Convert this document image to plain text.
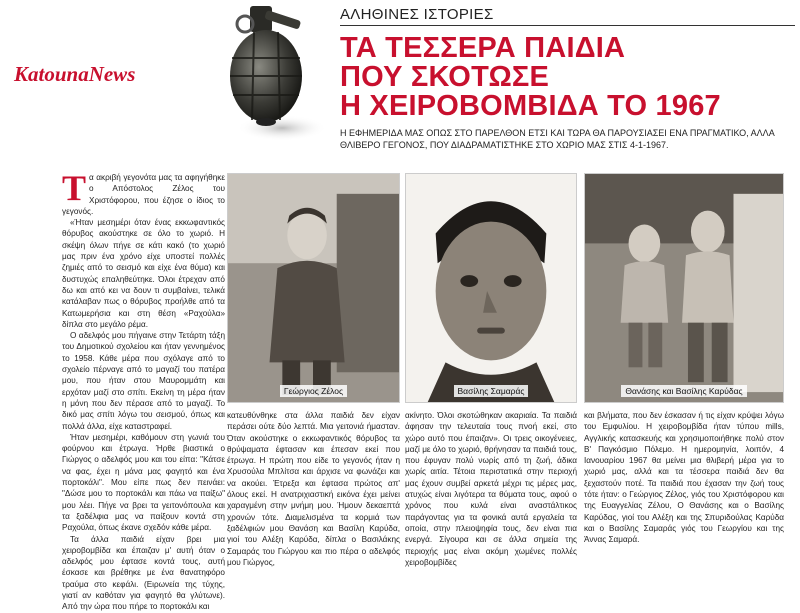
KatounaNews
ΑΛΗΘΙΝΕΣ ΙΣΤΟΡΙΕΣ
ΤΑ ΤΕΣΣΕΡΑ ΠΑΙΔΙΑ
ΠΟΥ ΣΚΟΤΩΣΕ
Η ΧΕΙΡΟΒΟΜΒΙΔΑ ΤΟ 1967
Η ΕΦΗΜΕΡΙΔΑ ΜΑΣ ΟΠΩΣ ΣΤΟ ΠΑΡΕΛΘΟΝ ΕΤΣΙ ΚΑΙ ΤΩΡΑ ΘΑ ΠΑΡΟΥΣΙΑΣΕΙ ΕΝΑ ΠΡΑΓΜΑΤΙΚΟ, ΑΛΛΑ ΘΛΙΒΕΡΟ ΓΕΓΟΝΟΣ, ΠΟΥ ΔΙΑΔΡΑΜΑΤΙΣΤΗΚΕ ΣΤΟ ΧΩΡΙΟ ΜΑΣ ΣΤΙΣ 4-1-1967.

Τα ακριβή γεγονότα μας τα αφηγήθηκε ο Απόστολος Ζέλος του Χριστόφορου, που έζησε ο ίδιος το γεγονός.

«Ήταν μεσημέρι όταν ένας εκκωφαντικός θόρυβος ακούστηκε σε όλο το χωριό. Η σκέψη όλων πήγε σε κάτι κακό (το χωριό μας πριν ένα χρόνο είχε υποστεί πολλές ζημιές από το σεισμό και είχε ένα θύμα) και δυστυχώς επαληθεύτηκε. Όλοι έτρεχαν από δω και από κει να δουν τι συμβαίνει, τελικά κατάλαβαν πως ο θόρυβος προήλθε από τα Κατωμερήσια και στη θέση «Ραχούλα» δίπλα στο μεγάλο ρέμα.

Ο αδελφός μου πήγαινε στην Τετάρτη τάξη του Δημοτικού σχολείου και ήταν γεννημένος το 1958. Κάθε μέρα που σχόλαγε από το σχολείο πέρναγε από το μαγαζί του πατέρα μου, που ήταν στου Μαυρομμάτη και ερχόταν μαζί στο σπίτι. Εκείνη τη μέρα ήταν η μόνη που δεν πέρασε από το μαγαζί. Το δικό μας σπίτι λόγω του σεισμού, όπως και πολλά άλλα, είχε καταστραφεί.

Ήταν μεσημέρι, καθόμουν στη γωνιά του φούρνου και έτρωγα. Ήρθε βιαστικά ο Γιώργος ο αδελφός μου και του είπα: "Κάτσε να φας, έχει η μάνα μας φαγητό και ένα πορτοκάλι". Μου είπε πως δεν πεινάει: "Δώσε μου το πορτοκάλι και πάω να παίξω" μου λέει. Πήγε να βρει τα γειτονόπουλα και τα ξαδέλφια μας να παίξουν κοντά στη Ραχούλα, όπως έκανε σχεδόν κάθε μέρα.

Τα άλλα παιδιά είχαν βρει μια χειροβομβίδα και έπαιζαν μ' αυτή όταν ο αδελφός μου έφτασε κοντά τους, αυτή έσκασε και βρέθηκε με ένα θανατηφόρο τραύμα στο κεφάλι. (Ειρωνεία της τύχης, γιατί αν καθόταν για φαγητό θα γλύτωνε). Από την ώρα που πήρε το πορτοκάλι και

Γεώργιος Ζέλος	Βασίλης Σαμαράς	Θανάσης και Βασίλης Καρύδας

κατευθύνθηκε στα άλλα παιδιά δεν είχαν περάσει ούτε δύο λεπτά. Μια γειτονιά ήμασταν. Όταν ακούστηκε ο εκκωφαντικός θόρυβος τα θρύψαματα έφτασαν και έπεσαν εκεί που έτρωγα. Η πρώτη που είδε το γεγονός ήταν η Χρυσούλα Μπλίτσα και άρχισε να φωνάζει και να ακούει. Έτρεξα και έφτασα πρώτος απ' όλους εκεί. Η ανατριχιαστική εικόνα έχει μείνει χαραγμένη στην μνήμη μου. Ήμουν δεκαεπτά χρονών τότε. Διαμελισμένα τα κορμιά των ξαδέλφιών μου Θανάση και Βασίλη Καρύδα, γιοί του Αλέξη Καρύδα, δίπλα ο Βασιλάκης Σαμαράς του Γιώργου και πιο πέρα ο αδελφός μου Γιώργος,

ακίνητο. Όλοι σκοτώθηκαν ακαριαία. Τα παιδιά άφησαν την τελευταία τους πνοή εκεί, στο χώρο αυτό που έπαιζαν». Οι τρεις οικογένειες, μαζί με όλο το χωριό, θρήνησαν τα παιδιά τους, που έφυγαν πολύ νωρίς από τη ζωή, άδικα χωρίς αιτία. Τέτοια περιστατικά στην περιοχή μας έχουν συμβεί αρκετά μέχρι τις μέρες μας, ατυχώς είναι λιγότερα τα θύματα τους, αφού ο χρόνος που κυλά είναι αναστάλτικος παράγοντας για τα φονικά αυτά εργαλεία τα οποία, στην πλειοψηφία τους, δεν είναι πια ενεργά. Σίγουρα και σε άλλα σημεία της περιοχής μας είναι ακόμη χωμένες πολλές χειροβομβίδες

και βλήματα, που δεν έσκασαν ή τις είχαν κρύψει λόγω του Εμφυλίου. Η χειροβομβίδα ήταν τύπου mills, Αγγλικής κατασκευής και χρησιμοποιήθηκε πολύ στον Β' Παγκόσμιο Πόλεμο. Η ημερομηνία, λοιπόν, 4 Ιανουαρίου 1967 θα μείνει μια θλιβερή μέρα για το χωριό μας, αλλά και τα τέσσερα παιδιά δεν θα ξεχαστούν ποτέ. Τα παιδιά που έχασαν την ζωή τους τότε ήταν: ο Γεώργιος Ζέλος, γιός του Χριστόφορου και της Ευαγγελίας Ζέλου, Ο Θανάσης και ο Βασίλης Καρύδας, γιοί του Αλέξη και της Σπυριδούλας Καρύδα και ο Βασίλης Σαμαράς γιός του Γεωργίου και της Άννας Σαμαρά.
